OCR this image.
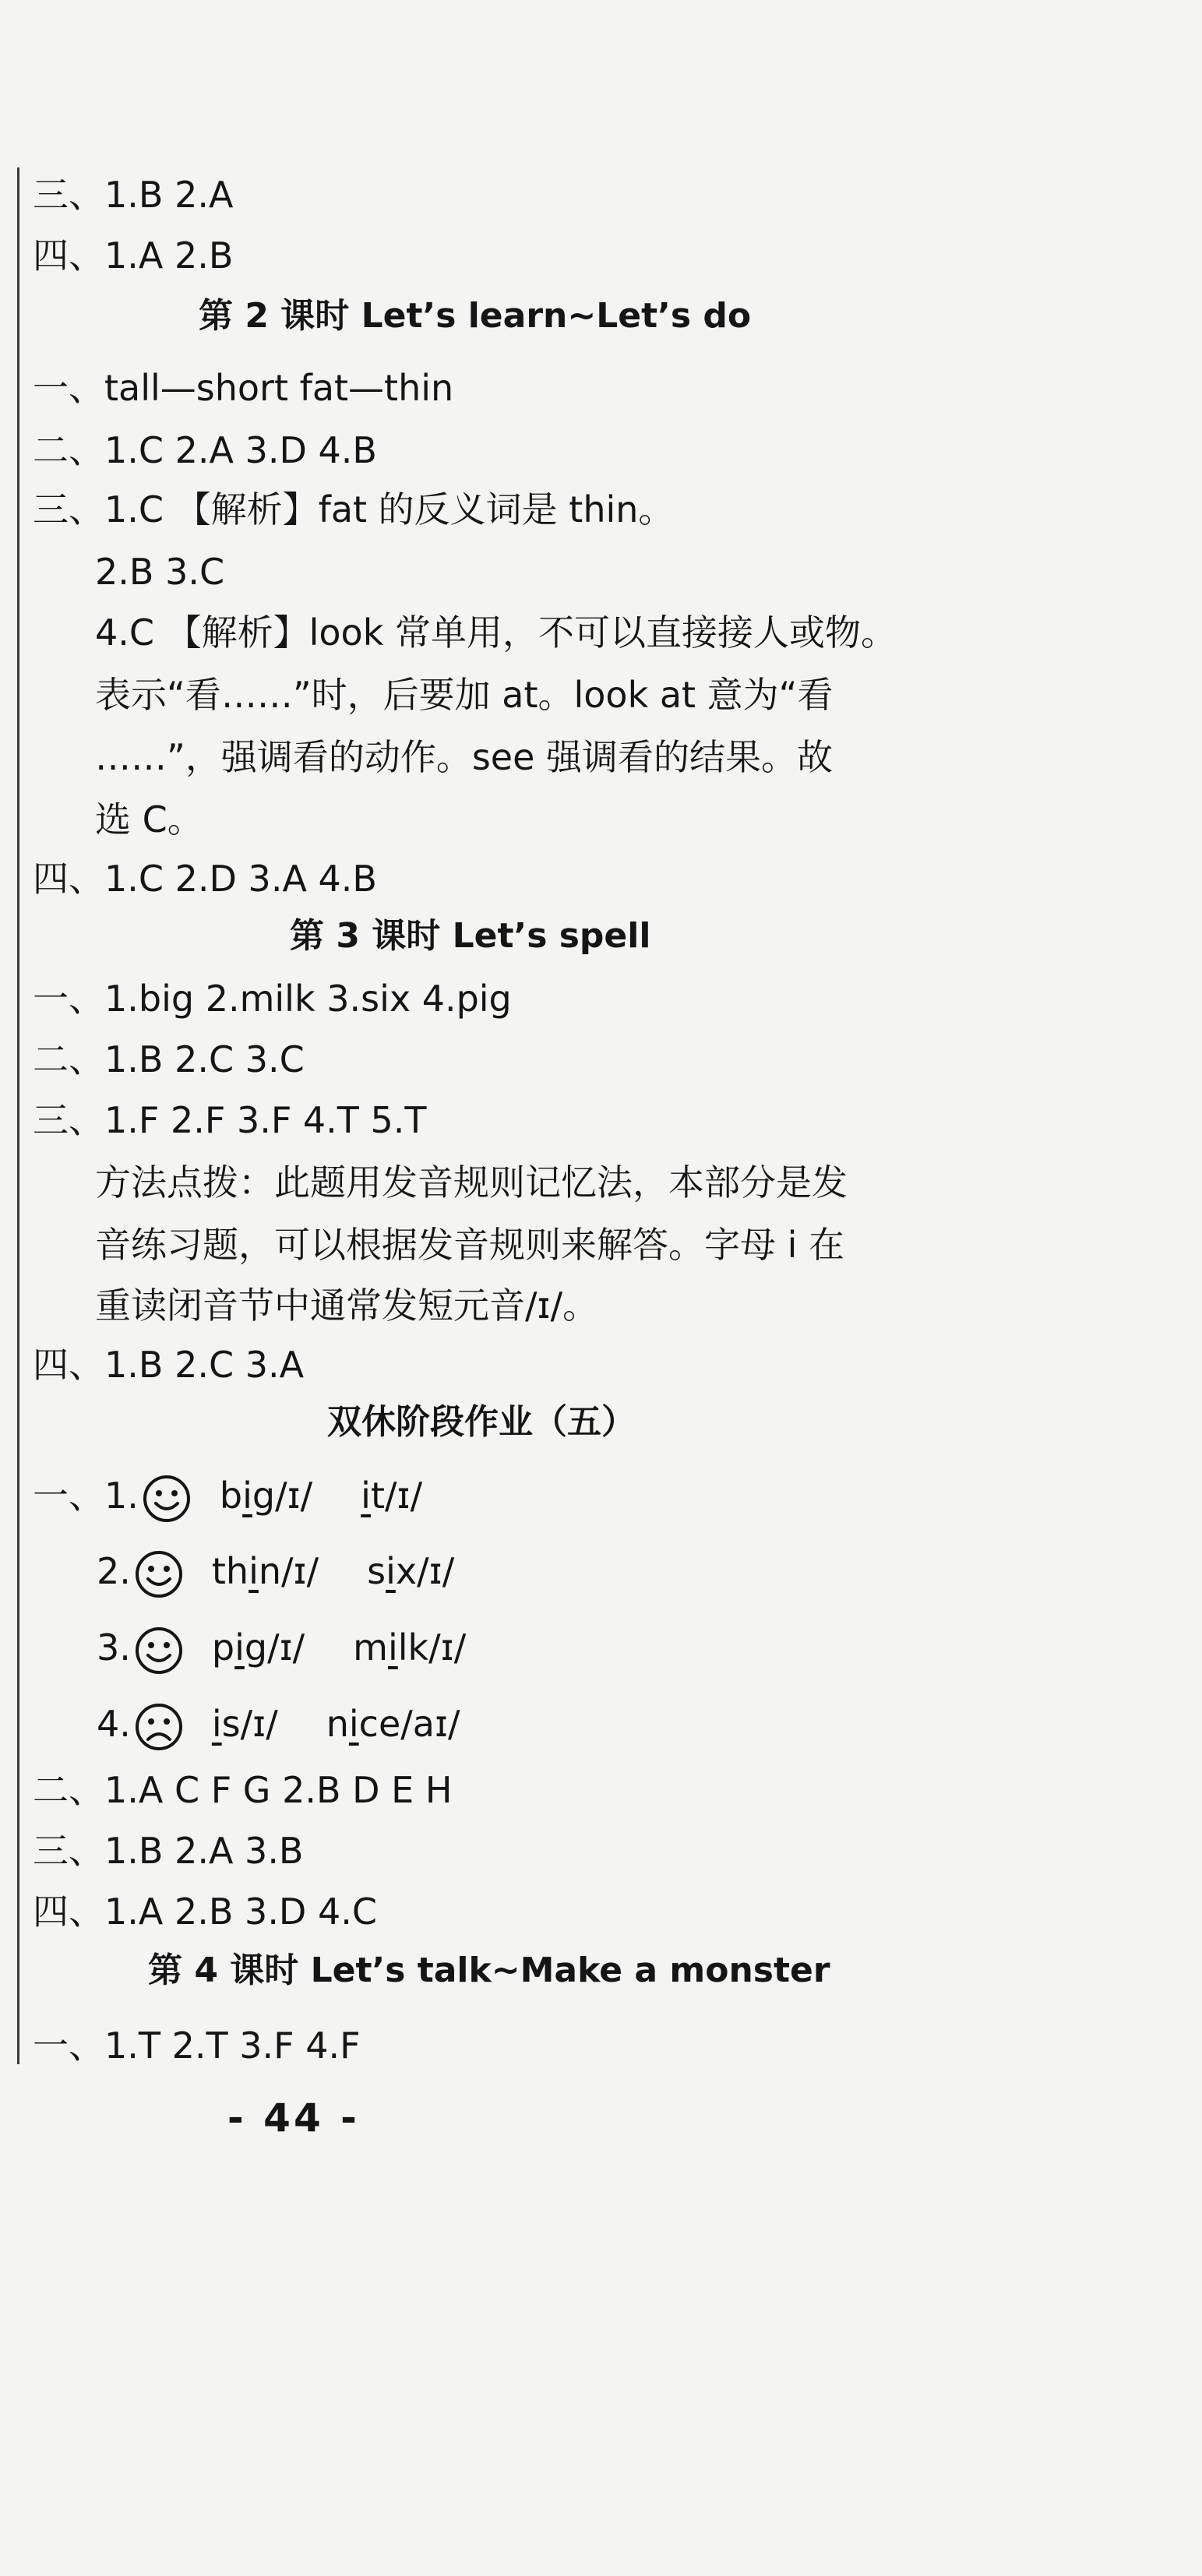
三、1.B 2.A
四、1.A 2.B
第 2 课时 Let’s learn~Let’s do
一、tall—short fat—thin
二、1.C 2.A 3.D 4.B
三、1.C 【解析】fat 的反义词是 thin。
2.B 3.C
4.C 【解析】look 常单用，不可以直接接人或物。
表示“看……”时，后要加 at。look at 意为“看
……”，强调看的动作。see 强调看的结果。故
选 C。
四、1.C 2.D 3.A 4.B
第 3 课时 Let’s spell
一、1.big 2.milk 3.six 4.pig
二、1.B 2.C 3.C
三、1.F 2.F 3.F 4.T 5.T
方法点拨：此题用发音规则记忆法，本部分是发
音练习题，可以根据发音规则来解答。字母 i 在
重读闭音节中通常发短元音/ɪ/。
四、1.B 2.C 3.A
双休阶段作业（五）
一、1. big/ɪ/ it/ɪ/
2. thin/ɪ/ six/ɪ/
3. pig/ɪ/ milk/ɪ/
4. is/ɪ/ nice/aɪ/
二、1.A C F G 2.B D E H
三、1.B 2.A 3.B
四、1.A 2.B 3.D 4.C
第 4 课时 Let’s talk~Make a monster
一、1.T 2.T 3.F 4.F
- 44 -
